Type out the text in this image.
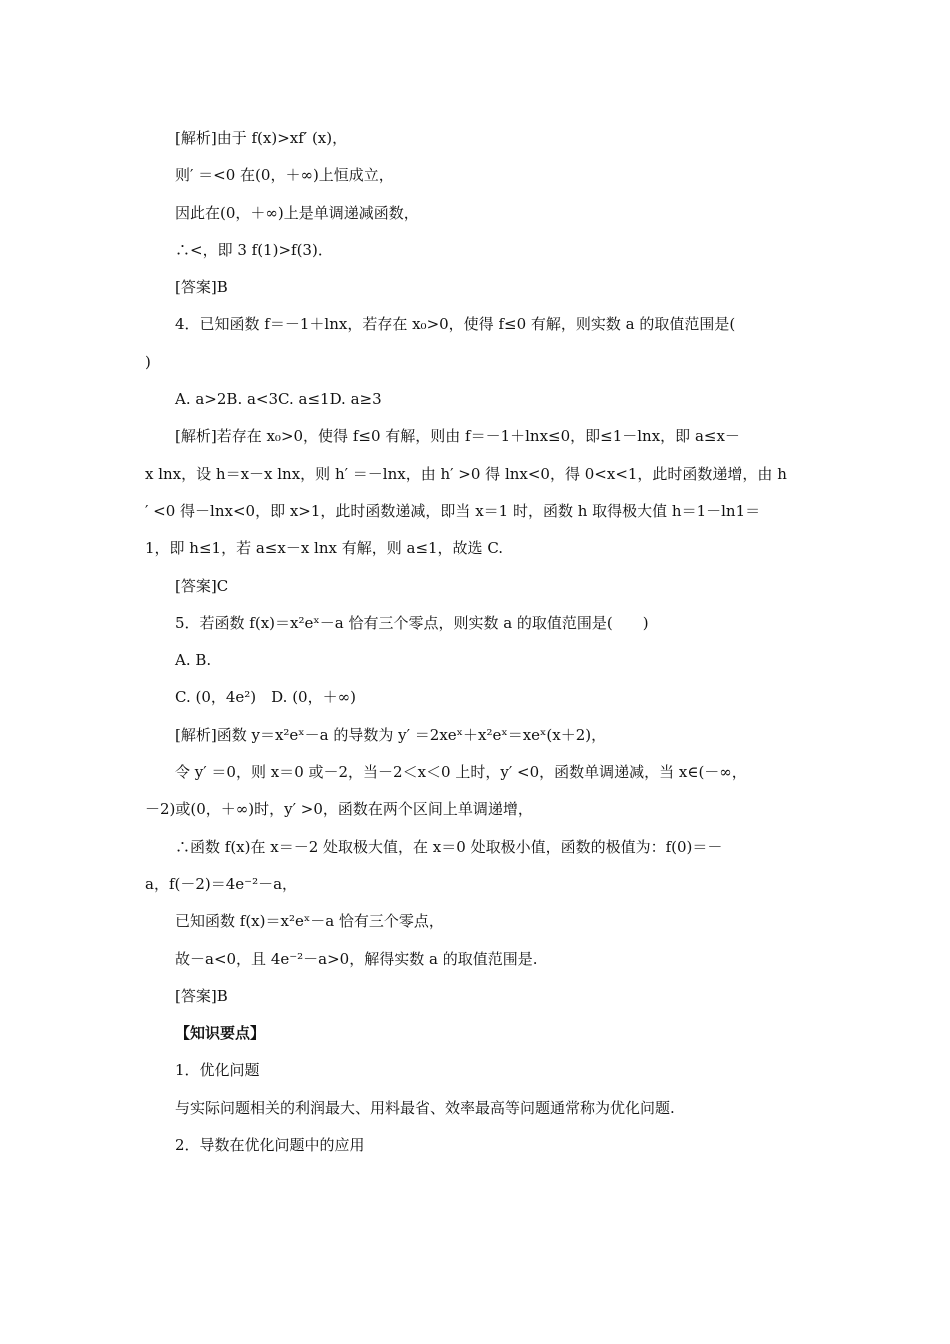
[解析]由于 f(x)>xf′ (x)，
则′ ＝<0 在(0，＋∞)上恒成立，
因此在(0，＋∞)上是单调递减函数，
∴<，即 3 f(1)>f(3)．
[答案]B
4．已知函数 f＝－1＋lnx，若存在 x₀>0，使得 f≤0 有解，则实数 a 的取值范围是(
)
A. a>2B. a<3C. a≤1D. a≥3
[解析]若存在 x₀>0，使得 f≤0 有解，则由 f＝－1＋lnx≤0，即≤1－lnx，即 a≤x－
x lnx，设 h＝x－x lnx，则 h′ ＝－lnx，由 h′ >0 得 lnx<0，得 0<x<1，此时函数递增，由 h
′ <0 得－lnx<0，即 x>1，此时函数递减，即当 x＝1 时，函数 h 取得极大值 h＝1－ln1＝
1，即 h≤1，若 a≤x－x lnx 有解，则 a≤1，故选 C.
[答案]C
5．若函数 f(x)＝x²eˣ－a 恰有三个零点，则实数 a 的取值范围是(　　)
A. B.
C. (0，4e²)　D. (0，＋∞)
[解析]函数 y＝x²eˣ－a 的导数为 y′ ＝2xeˣ＋x²eˣ＝xeˣ(x＋2)，
令 y′ ＝0，则 x＝0 或－2，当－2＜x＜0 上时，y′ <0，函数单调递减，当 x∈(－∞，
－2)或(0，＋∞)时，y′ >0，函数在两个区间上单调递增，
∴函数 f(x)在 x＝－2 处取极大值，在 x＝0 处取极小值，函数的极值为：f(0)＝－
a，f(－2)＝4e⁻²－a，
已知函数 f(x)＝x²eˣ－a 恰有三个零点，
故－a<0，且 4e⁻²－a>0，解得实数 a 的取值范围是.
[答案]B
【知识要点】
1．优化问题
与实际问题相关的利润最大、用料最省、效率最高等问题通常称为优化问题.
2．导数在优化问题中的应用
